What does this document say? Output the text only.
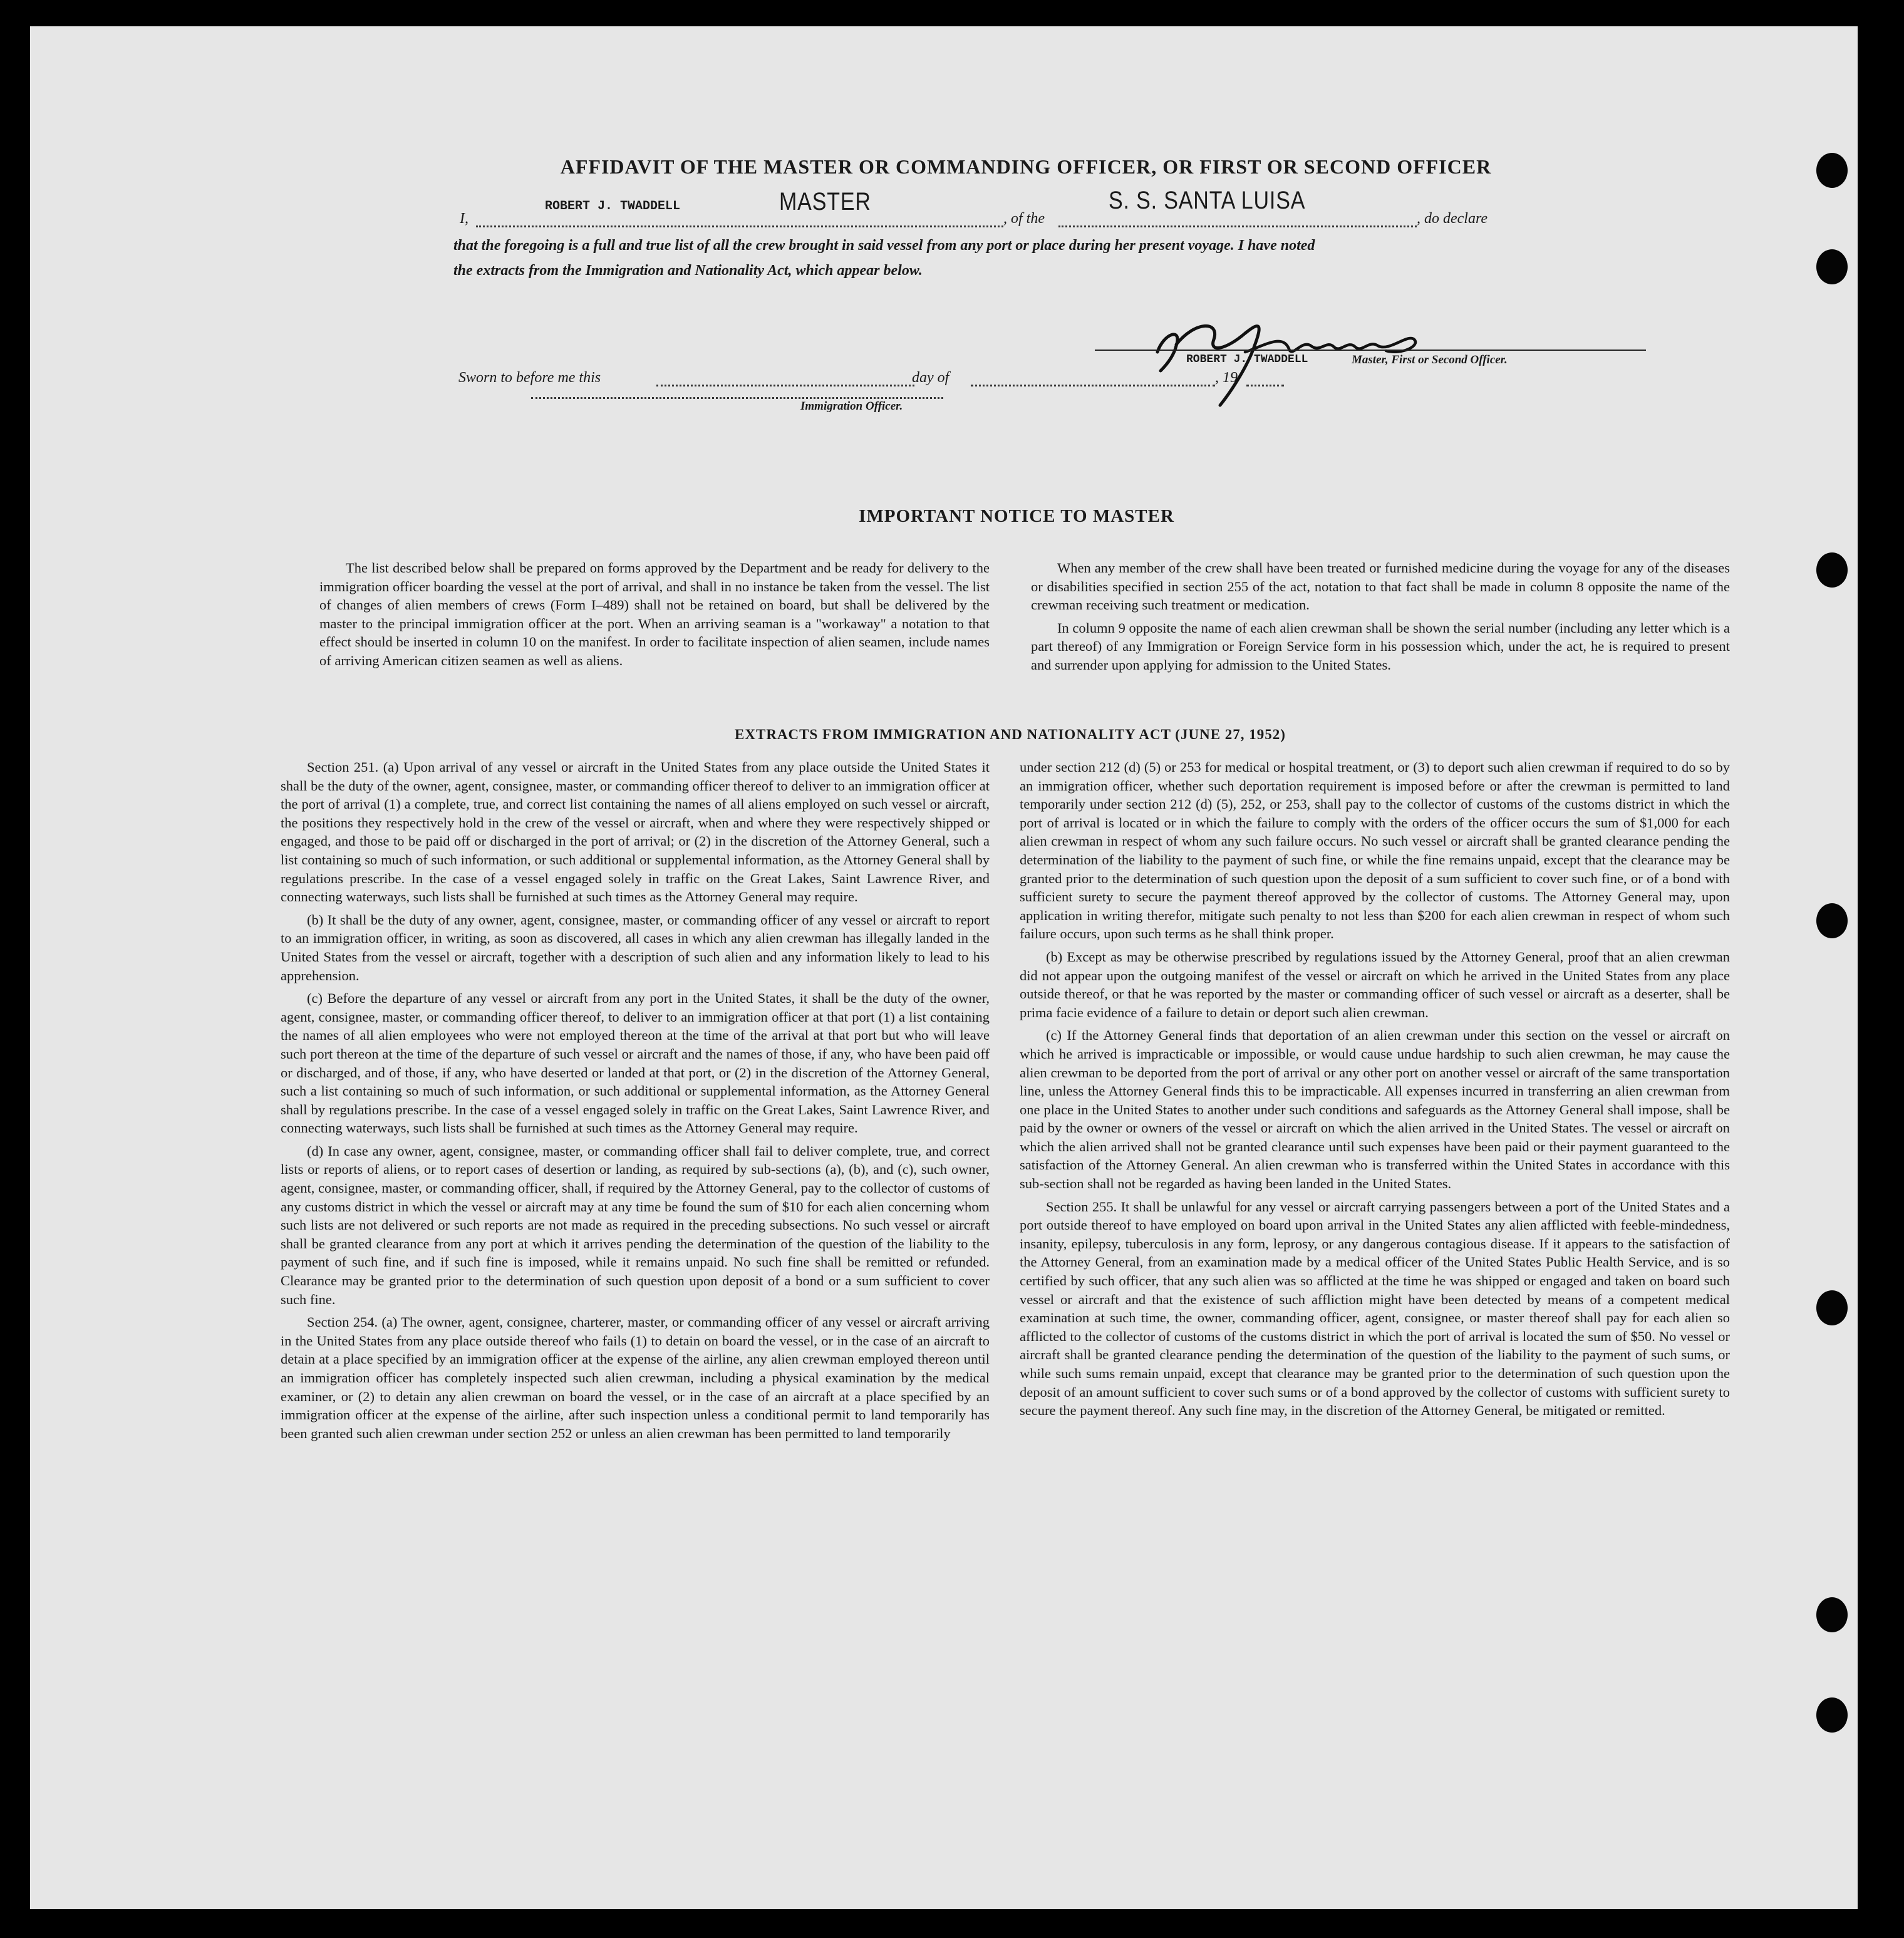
AFFIDAVIT OF THE MASTER OR COMMANDING OFFICER, OR FIRST OR SECOND OFFICER
I,
ROBERT J. TWADDELL	MASTER
, of the
S. S. SANTA LUISA
, do declare
that the foregoing is a full and true list of all the crew brought in said vessel from any port or place during her present voyage. I have noted
the extracts from the Immigration and Nationality Act, which appear below.
ROBERT J. TWADDELL	Master, First or Second Officer.
Sworn to before me this	day of	, 19
Immigration Officer.
IMPORTANT NOTICE TO MASTER

The list described below shall be prepared on forms approved by the Department and be ready for delivery to the immigration officer boarding the vessel at the port of arrival, and shall in no instance be taken from the vessel. The list of changes of alien members of crews (Form I–489) shall not be retained on board, but shall be delivered by the master to the principal immigration officer at the port. When an arriving seaman is a "workaway" a notation to that effect should be inserted in column 10 on the manifest. In order to facilitate inspection of alien seamen, include names of arriving American citizen seamen as well as aliens.

When any member of the crew shall have been treated or furnished medicine during the voyage for any of the diseases or disabilities specified in section 255 of the act, notation to that fact shall be made in column 8 opposite the name of the crewman receiving such treatment or medication.

In column 9 opposite the name of each alien crewman shall be shown the serial number (including any letter which is a part thereof) of any Immigration or Foreign Service form in his possession which, under the act, he is required to present and surrender upon applying for admission to the United States.

EXTRACTS FROM IMMIGRATION AND NATIONALITY ACT (JUNE 27, 1952)

Section 251. (a) Upon arrival of any vessel or aircraft in the United States from any place outside the United States it shall be the duty of the owner, agent, consignee, master, or commanding officer thereof to deliver to an immigration officer at the port of arrival (1) a complete, true, and correct list containing the names of all aliens employed on such vessel or aircraft, the positions they respectively hold in the crew of the vessel or aircraft, when and where they were respectively shipped or engaged, and those to be paid off or discharged in the port of arrival; or (2) in the discretion of the Attorney General, such a list containing so much of such information, or such additional or supplemental information, as the Attorney General shall by regulations prescribe. In the case of a vessel engaged solely in traffic on the Great Lakes, Saint Lawrence River, and connecting waterways, such lists shall be furnished at such times as the Attorney General may require.

(b) It shall be the duty of any owner, agent, consignee, master, or commanding officer of any vessel or aircraft to report to an immigration officer, in writing, as soon as discovered, all cases in which any alien crewman has illegally landed in the United States from the vessel or aircraft, together with a description of such alien and any information likely to lead to his apprehension.

(c) Before the departure of any vessel or aircraft from any port in the United States, it shall be the duty of the owner, agent, consignee, master, or commanding officer thereof, to deliver to an immigration officer at that port (1) a list containing the names of all alien employees who were not employed thereon at the time of the arrival at that port but who will leave such port thereon at the time of the departure of such vessel or aircraft and the names of those, if any, who have been paid off or discharged, and of those, if any, who have deserted or landed at that port, or (2) in the discretion of the Attorney General, such a list containing so much of such information, or such additional or supplemental information, as the Attorney General shall by regulations prescribe. In the case of a vessel engaged solely in traffic on the Great Lakes, Saint Lawrence River, and connecting waterways, such lists shall be furnished at such times as the Attorney General may require.

(d) In case any owner, agent, consignee, master, or commanding officer shall fail to deliver complete, true, and correct lists or reports of aliens, or to report cases of desertion or landing, as required by sub-sections (a), (b), and (c), such owner, agent, consignee, master, or commanding officer, shall, if required by the Attorney General, pay to the collector of customs of any customs district in which the vessel or aircraft may at any time be found the sum of $10 for each alien concerning whom such lists are not delivered or such reports are not made as required in the preceding subsections. No such vessel or aircraft shall be granted clearance from any port at which it arrives pending the determination of the question of the liability to the payment of such fine, and if such fine is imposed, while it remains unpaid. No such fine shall be remitted or refunded. Clearance may be granted prior to the determination of such question upon deposit of a bond or a sum sufficient to cover such fine.

Section 254. (a) The owner, agent, consignee, charterer, master, or commanding officer of any vessel or aircraft arriving in the United States from any place outside thereof who fails (1) to detain on board the vessel, or in the case of an aircraft to detain at a place specified by an immigration officer at the expense of the airline, any alien crewman employed thereon until an immigration officer has completely inspected such alien crewman, including a physical examination by the medical examiner, or (2) to detain any alien crewman on board the vessel, or in the case of an aircraft at a place specified by an immigration officer at the expense of the airline, after such inspection unless a conditional permit to land temporarily has been granted such alien crewman under section 252 or unless an alien crewman has been permitted to land temporarily

under section 212 (d) (5) or 253 for medical or hospital treatment, or (3) to deport such alien crewman if required to do so by an immigration officer, whether such deportation requirement is imposed before or after the crewman is permitted to land temporarily under section 212 (d) (5), 252, or 253, shall pay to the collector of customs of the customs district in which the port of arrival is located or in which the failure to comply with the orders of the officer occurs the sum of $1,000 for each alien crewman in respect of whom any such failure occurs. No such vessel or aircraft shall be granted clearance pending the determination of the liability to the payment of such fine, or while the fine remains unpaid, except that the clearance may be granted prior to the determination of such question upon the deposit of a sum sufficient to cover such fine, or of a bond with sufficient surety to secure the payment thereof approved by the collector of customs. The Attorney General may, upon application in writing therefor, mitigate such penalty to not less than $200 for each alien crewman in respect of whom such failure occurs, upon such terms as he shall think proper.

(b) Except as may be otherwise prescribed by regulations issued by the Attorney General, proof that an alien crewman did not appear upon the outgoing manifest of the vessel or aircraft on which he arrived in the United States from any place outside thereof, or that he was reported by the master or commanding officer of such vessel or aircraft as a deserter, shall be prima facie evidence of a failure to detain or deport such alien crewman.

(c) If the Attorney General finds that deportation of an alien crewman under this section on the vessel or aircraft on which he arrived is impracticable or impossible, or would cause undue hardship to such alien crewman, he may cause the alien crewman to be deported from the port of arrival or any other port on another vessel or aircraft of the same transportation line, unless the Attorney General finds this to be impracticable. All expenses incurred in transferring an alien crewman from one place in the United States to another under such conditions and safeguards as the Attorney General shall impose, shall be paid by the owner or owners of the vessel or aircraft on which the alien arrived in the United States. The vessel or aircraft on which the alien arrived shall not be granted clearance until such expenses have been paid or their payment guaranteed to the satisfaction of the Attorney General. An alien crewman who is transferred within the United States in accordance with this sub-section shall not be regarded as having been landed in the United States.

Section 255. It shall be unlawful for any vessel or aircraft carrying passengers between a port of the United States and a port outside thereof to have employed on board upon arrival in the United States any alien afflicted with feeble-mindedness, insanity, epilepsy, tuberculosis in any form, leprosy, or any dangerous contagious disease. If it appears to the satisfaction of the Attorney General, from an examination made by a medical officer of the United States Public Health Service, and is so certified by such officer, that any such alien was so afflicted at the time he was shipped or engaged and taken on board such vessel or aircraft and that the existence of such affliction might have been detected by means of a competent medical examination at such time, the owner, commanding officer, agent, consignee, or master thereof shall pay for each alien so afflicted to the collector of customs of the customs district in which the port of arrival is located the sum of $50. No vessel or aircraft shall be granted clearance pending the determination of the question of the liability to the payment of such sums, or while such sums remain unpaid, except that clearance may be granted prior to the determination of such question upon the deposit of an amount sufficient to cover such sums or of a bond approved by the collector of customs with sufficient surety to secure the payment thereof. Any such fine may, in the discretion of the Attorney General, be mitigated or remitted.
